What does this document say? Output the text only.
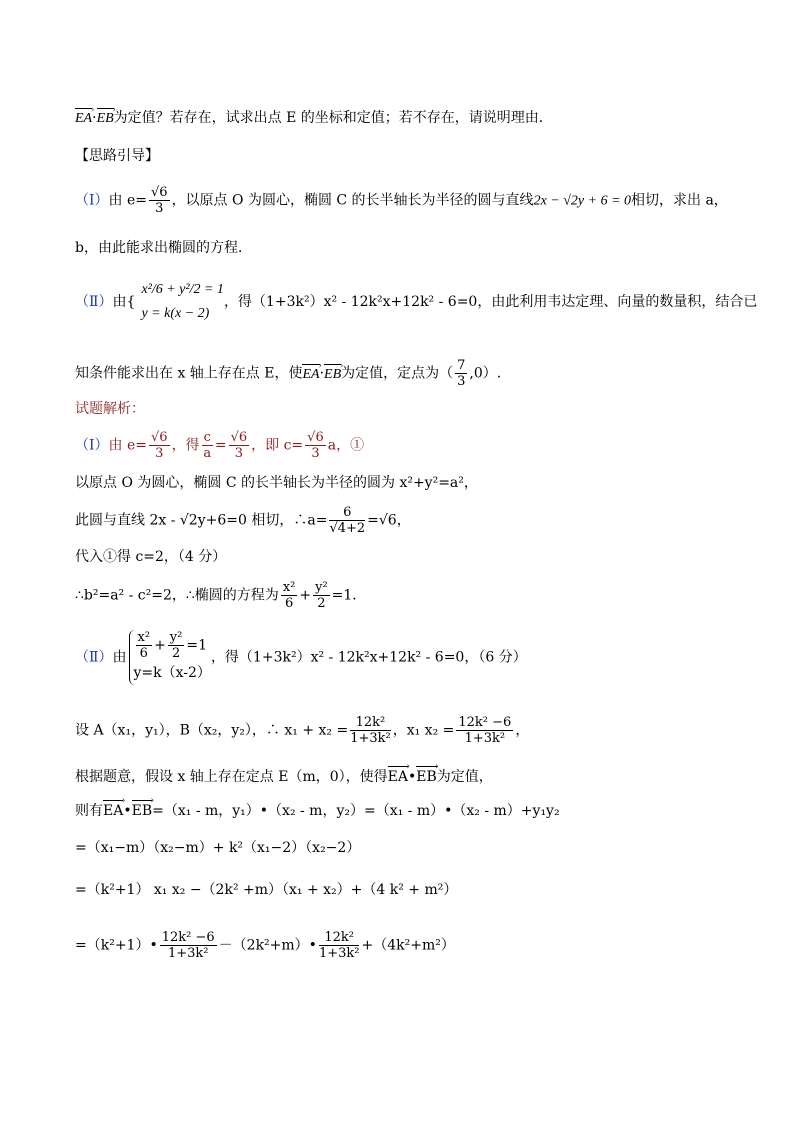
EA ›·EB ›为定值？若存在，试求出点 E 的坐标和定值；若不存在，请说明理由．
【思路引导】
（Ⅰ）由 $e= \frac{√6}{3}$ ，以原点 O 为圆心，椭圆 C 的长半轴长为半径的圆与直线2x − √2y + 6 = 0相切，求出 a，
b，由此能求出椭圆的方程．
（Ⅱ）由{
x²/6 + y²/2 = 1
y = k(x − 2)
，得（1+3k²）x² - 12k²x+12k² - 6=0，由此利用韦达定理、向量的数量积，结合已
知条件能求出在 x 轴上存在点 E，使EA ›·EB ›为定值，定点为（ $\frac{7}{3} ,0$）.
试题解析：
（Ⅰ）由 $e= \frac{√6}{3}$ ，得 $\frac{c}{a} = \frac{√6}{3}$ ，即 $c= \frac{√6}{3}$ a，①
以原点 O 为圆心，椭圆 C 的长半轴长为半径的圆为 x²+y²=a²，
此圆与直线 2x - √2y+6=0 相切，∴a= $\frac{6}{√4+2} =√6$，
代入①得 c=2，（4 分）
∴b²=a² - c²=2，∴椭圆的方程为 $\frac{\text{x²}}{6} + \frac{\text{y²}}{2} =1$．
（Ⅱ）由 $\frac{\text{x²}}{6} + \frac{\text{y²}}{2} =1$
y=k（x-2）
，得（1+3k²）x² - 12k²x+12k² - 6=0，（6 分）
设 A（x₁，y₁），B（x₂，y₂），∴ $x_1 + x_2 = \frac{\text{12k²}}{\text{1+3k²}}$ ，x₁ $x_2 = \frac{\text{12k² −6}}{\text{1+3k²}}$ ，
根据题意，假设 x 轴上存在定点 E（m，0），使得EA ›•EB ›为定值，
则有EA ›•EB ›=（x₁ - m，y₁）•（x₂ - m，y₂）=（x₁ - m）•（x₂ - m）+y₁y₂
=（x₁−m）（x₂−m）+ k²（x₁−2）（x₂−2）
=（k²+1） x₁ x₂ −（2k² +m）（x₁ + x₂）+（4 k² + m²）
=（k²+1）• $\frac{\text{12k² −6}}{\text{1+3k²}}$ －（2k²+m）• $\frac{\text{12k²}}{\text{1+3k²}} +(4k^2+m^2)$
